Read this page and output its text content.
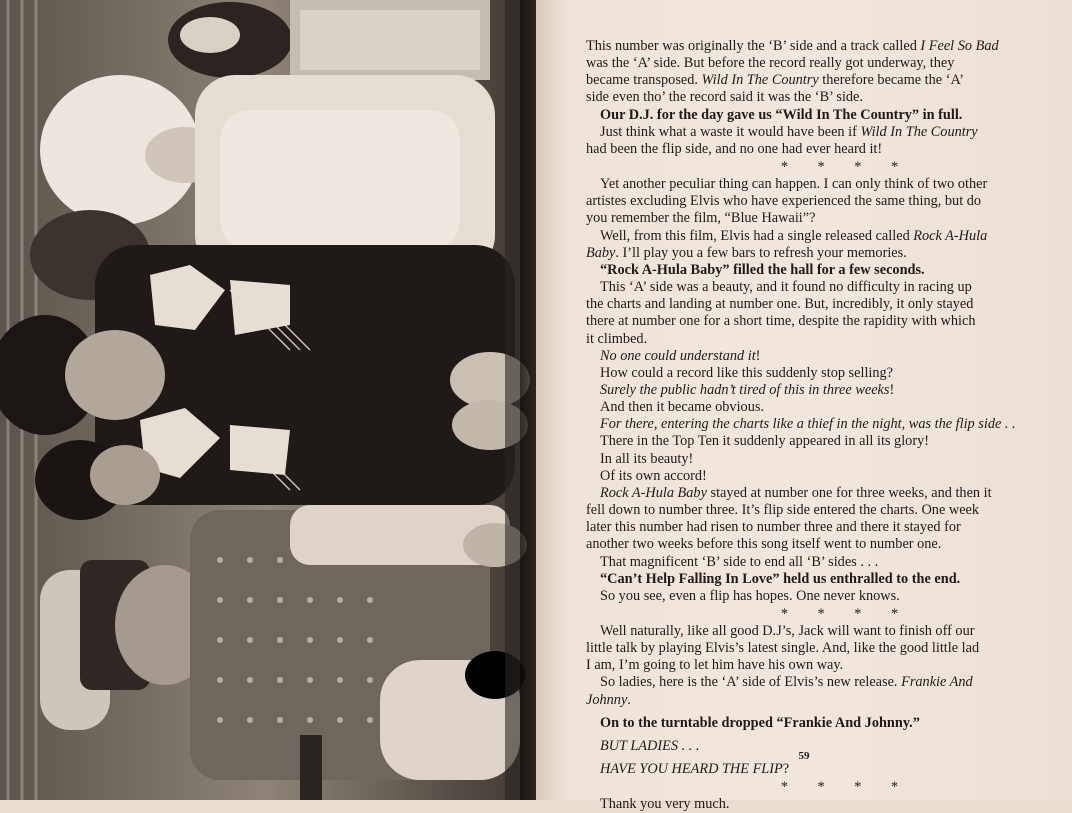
This number was originally the ‘B’ side and a track called I Feel So Bad
was the ‘A’ side. But before the record really got underway, they
became transposed. Wild In The Country therefore became the ‘A’
side even tho’ the record said it was the ‘B’ side.
Our D.J. for the day gave us “Wild In The Country” in full.
Just think what a waste it would have been if Wild In The Country
had been the flip side, and no one had ever heard it!
* * * *
Yet another peculiar thing can happen. I can only think of two other
artistes excluding Elvis who have experienced the same thing, but do
you remember the film, “Blue Hawaii”?
Well, from this film, Elvis had a single released called Rock A-Hula
Baby. I’ll play you a few bars to refresh your memories.
“Rock A-Hula Baby” filled the hall for a few seconds.
This ‘A’ side was a beauty, and it found no difficulty in racing up
the charts and landing at number one. But, incredibly, it only stayed
there at number one for a short time, despite the rapidity with which
it climbed.
No one could understand it!
How could a record like this suddenly stop selling?
Surely the public hadn’t tired of this in three weeks!
And then it became obvious.
For there, entering the charts like a thief in the night, was the flip side . .
There in the Top Ten it suddenly appeared in all its glory!
In all its beauty!
Of its own accord!
Rock A-Hula Baby stayed at number one for three weeks, and then it
fell down to number three. It’s flip side entered the charts. One week
later this number had risen to number three and there it stayed for
another two weeks before this song itself went to number one.
That magnificent ‘B’ side to end all ‘B’ sides . . .
“Can’t Help Falling In Love” held us enthralled to the end.
So you see, even a flip has hopes. One never knows.
* * * *
Well naturally, like all good D.J’s, Jack will want to finish off our
little talk by playing Elvis’s latest single. And, like the good little lad
I am, I’m going to let him have his own way.
So ladies, here is the ‘A’ side of Elvis’s new release. Frankie And
Johnny.
On to the turntable dropped “Frankie And Johnny.”
BUT LADIES . . .
HAVE YOU HEARD THE FLIP?
* * * *
Thank you very much.
59
